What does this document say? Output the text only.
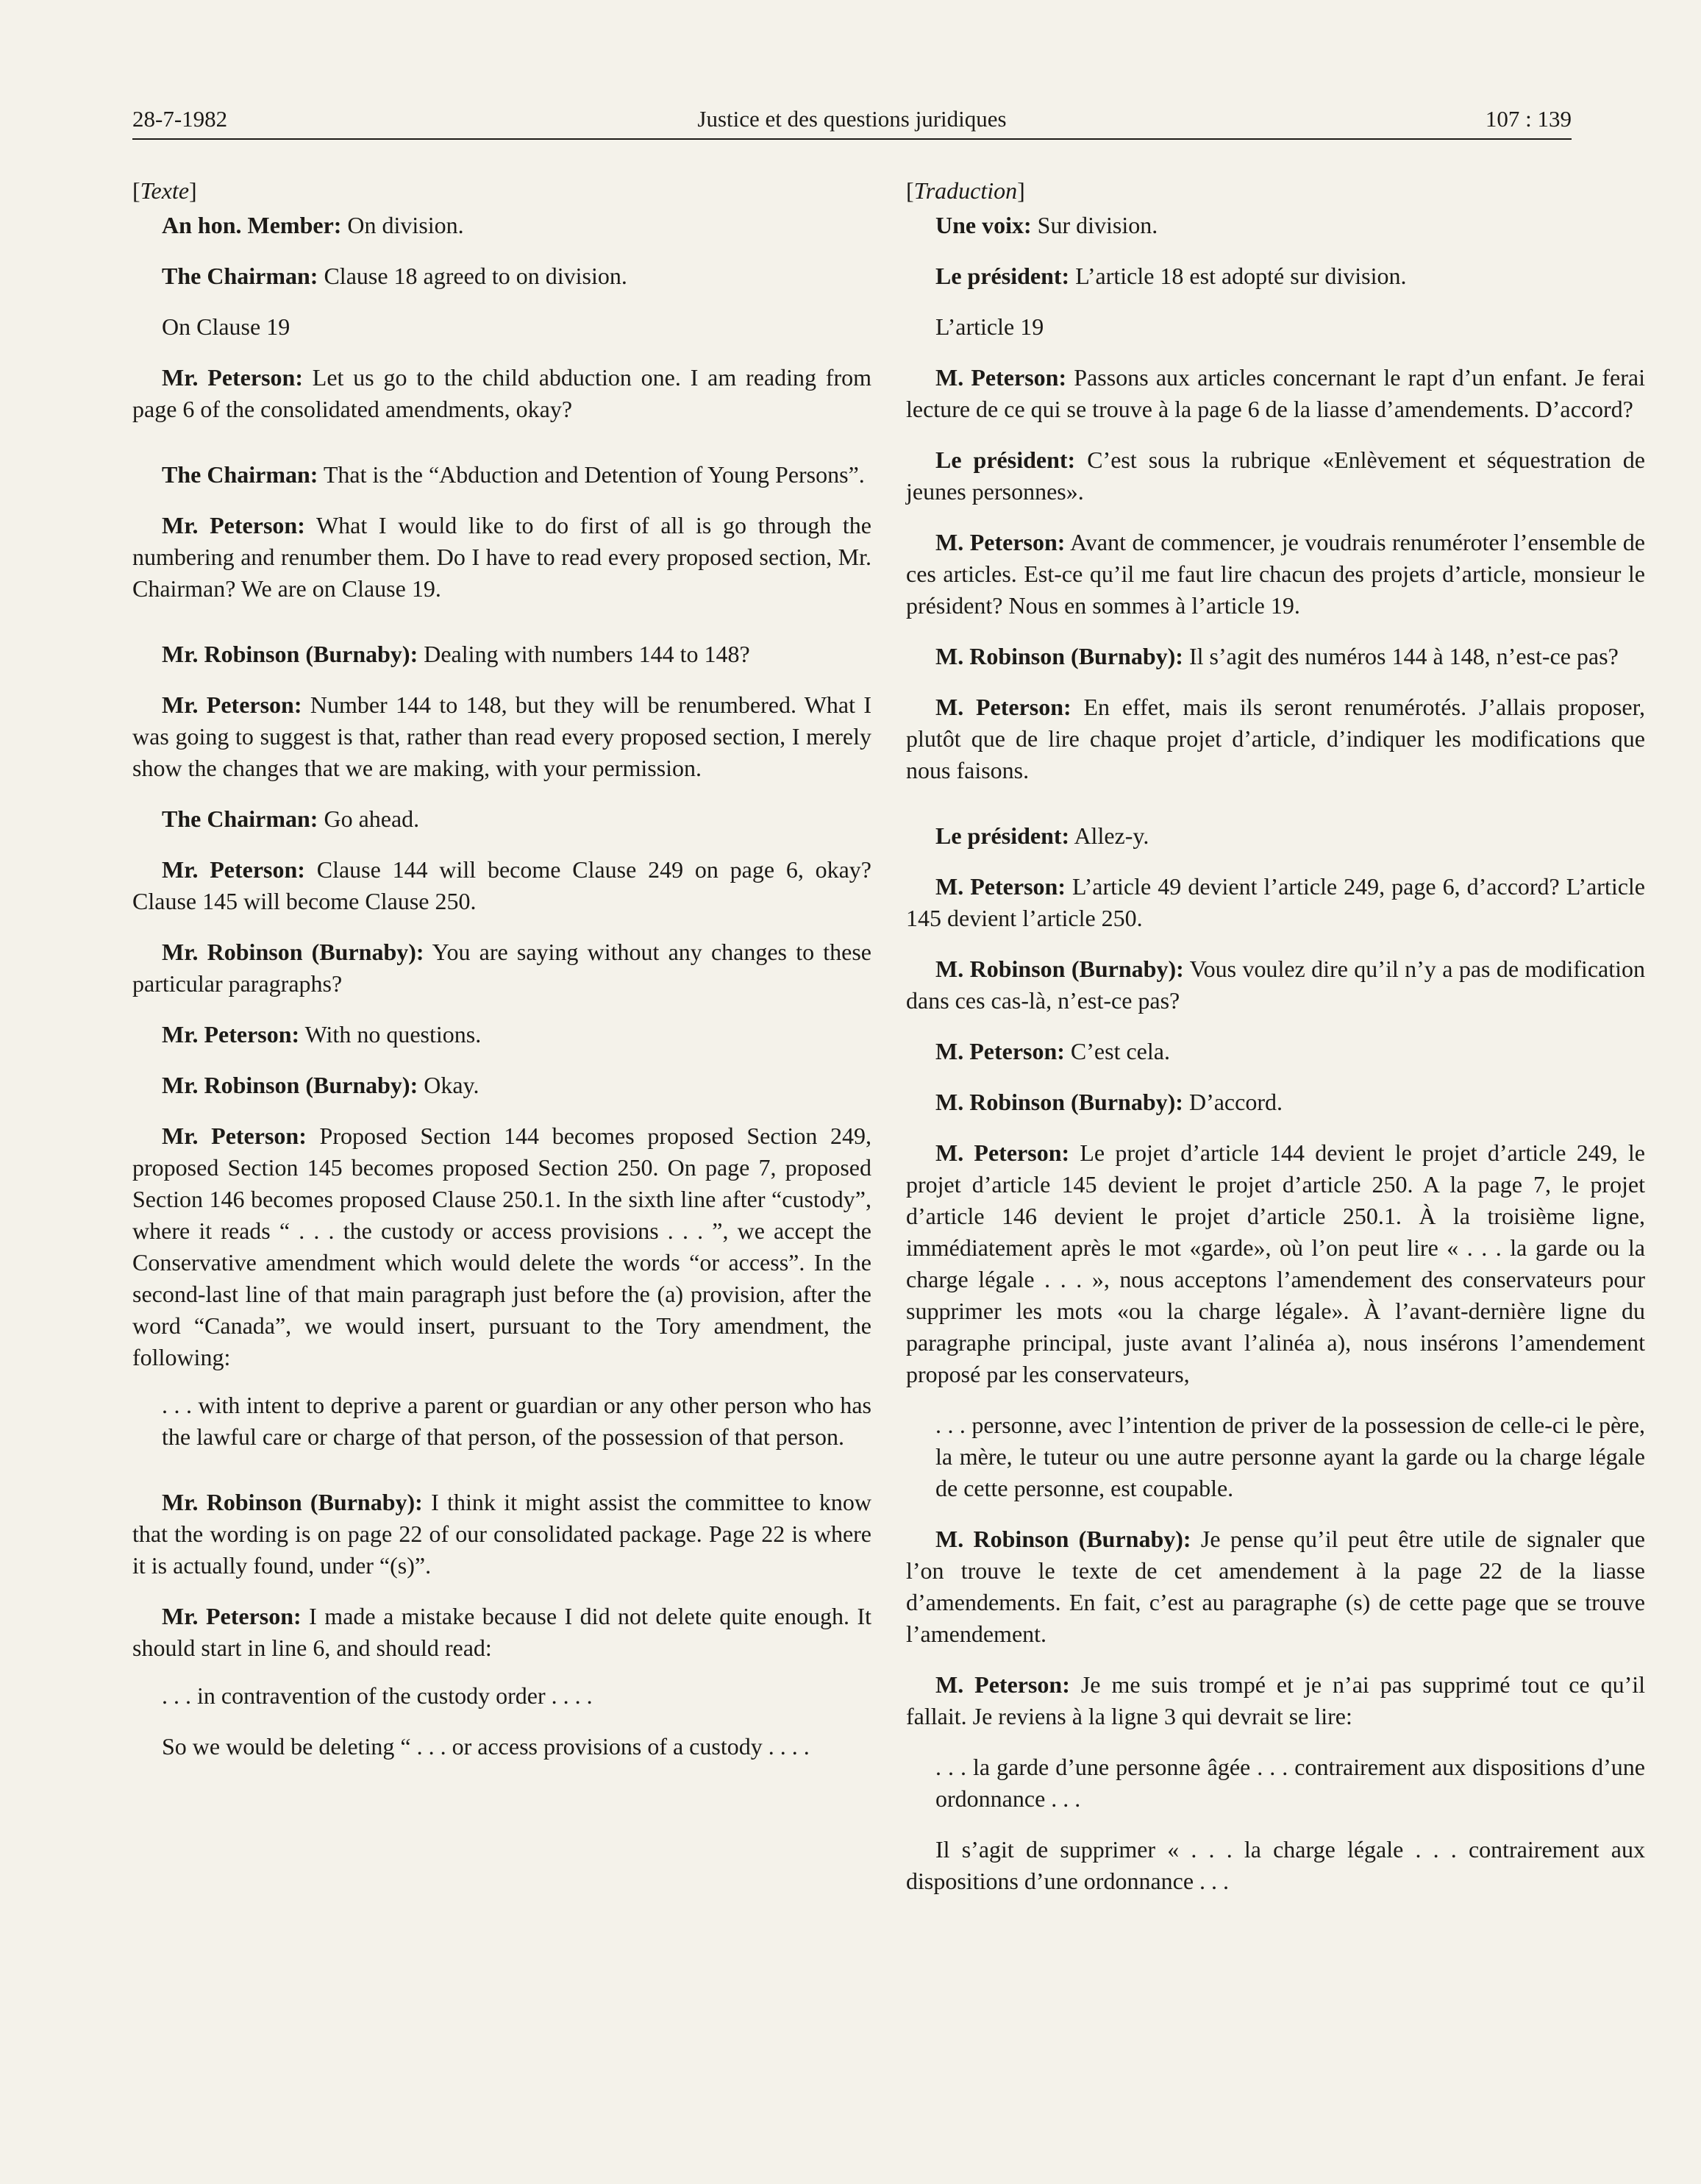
28-7-1982	Justice et des questions juridiques	107 : 139

[Texte]

An hon. Member: On division.

The Chairman: Clause 18 agreed to on division.

On Clause 19

Mr. Peterson: Let us go to the child abduction one. I am reading from page 6 of the consolidated amendments, okay?

The Chairman: That is the “Abduction and Detention of Young Persons”.

Mr. Peterson: What I would like to do first of all is go through the numbering and renumber them. Do I have to read every proposed section, Mr. Chairman? We are on Clause 19.

Mr. Robinson (Burnaby): Dealing with numbers 144 to 148?

Mr. Peterson: Number 144 to 148, but they will be renumbered. What I was going to suggest is that, rather than read every proposed section, I merely show the changes that we are making, with your permission.

The Chairman: Go ahead.

Mr. Peterson: Clause 144 will become Clause 249 on page 6, okay? Clause 145 will become Clause 250.

Mr. Robinson (Burnaby): You are saying without any changes to these particular paragraphs?

Mr. Peterson: With no questions.

Mr. Robinson (Burnaby): Okay.

Mr. Peterson: Proposed Section 144 becomes proposed Section 249, proposed Section 145 becomes proposed Section 250. On page 7, proposed Section 146 becomes proposed Clause 250.1. In the sixth line after “custody”, where it reads “ . . . the custody or access provisions . . . ”, we accept the Conservative amendment which would delete the words “or access”. In the second-last line of that main paragraph just before the (a) provision, after the word “Canada”, we would insert, pursuant to the Tory amendment, the following:

. . . with intent to deprive a parent or guardian or any other person who has the lawful care or charge of that person, of the possession of that person.

Mr. Robinson (Burnaby): I think it might assist the committee to know that the wording is on page 22 of our consolidated package. Page 22 is where it is actually found, under “(s)”.

Mr. Peterson: I made a mistake because I did not delete quite enough. It should start in line 6, and should read:

. . . in contravention of the custody order . . . .

So we would be deleting “ . . . or access provisions of a custody . . . .

[Traduction]

Une voix: Sur division.

Le président: L’article 18 est adopté sur division.

L’article 19

M. Peterson: Passons aux articles concernant le rapt d’un enfant. Je ferai lecture de ce qui se trouve à la page 6 de la liasse d’amendements. D’accord?

Le président: C’est sous la rubrique «Enlèvement et séquestration de jeunes personnes».

M. Peterson: Avant de commencer, je voudrais renuméroter l’ensemble de ces articles. Est-ce qu’il me faut lire chacun des projets d’article, monsieur le président? Nous en sommes à l’article 19.

M. Robinson (Burnaby): Il s’agit des numéros 144 à 148, n’est-ce pas?

M. Peterson: En effet, mais ils seront renumérotés. J’allais proposer, plutôt que de lire chaque projet d’article, d’indiquer les modifications que nous faisons.

Le président: Allez-y.

M. Peterson: L’article 49 devient l’article 249, page 6, d’accord? L’article 145 devient l’article 250.

M. Robinson (Burnaby): Vous voulez dire qu’il n’y a pas de modification dans ces cas-là, n’est-ce pas?

M. Peterson: C’est cela.

M. Robinson (Burnaby): D’accord.

M. Peterson: Le projet d’article 144 devient le projet d’article 249, le projet d’article 145 devient le projet d’article 250. A la page 7, le projet d’article 146 devient le projet d’article 250.1. À la troisième ligne, immédiatement après le mot «garde», où l’on peut lire « . . . la garde ou la charge légale . . . », nous acceptons l’amendement des conservateurs pour supprimer les mots «ou la charge légale». À l’avant-dernière ligne du paragraphe principal, juste avant l’alinéa a), nous insérons l’amendement proposé par les conservateurs,

. . . personne, avec l’intention de priver de la possession de celle-ci le père, la mère, le tuteur ou une autre personne ayant la garde ou la charge légale de cette personne, est coupable.

M. Robinson (Burnaby): Je pense qu’il peut être utile de signaler que l’on trouve le texte de cet amendement à la page 22 de la liasse d’amendements. En fait, c’est au paragraphe (s) de cette page que se trouve l’amendement.

M. Peterson: Je me suis trompé et je n’ai pas supprimé tout ce qu’il fallait. Je reviens à la ligne 3 qui devrait se lire:

. . . la garde d’une personne âgée . . . contrairement aux dispositions d’une ordonnance . . .

Il s’agit de supprimer « . . . la charge légale . . . contrairement aux dispositions d’une ordonnance . . .
